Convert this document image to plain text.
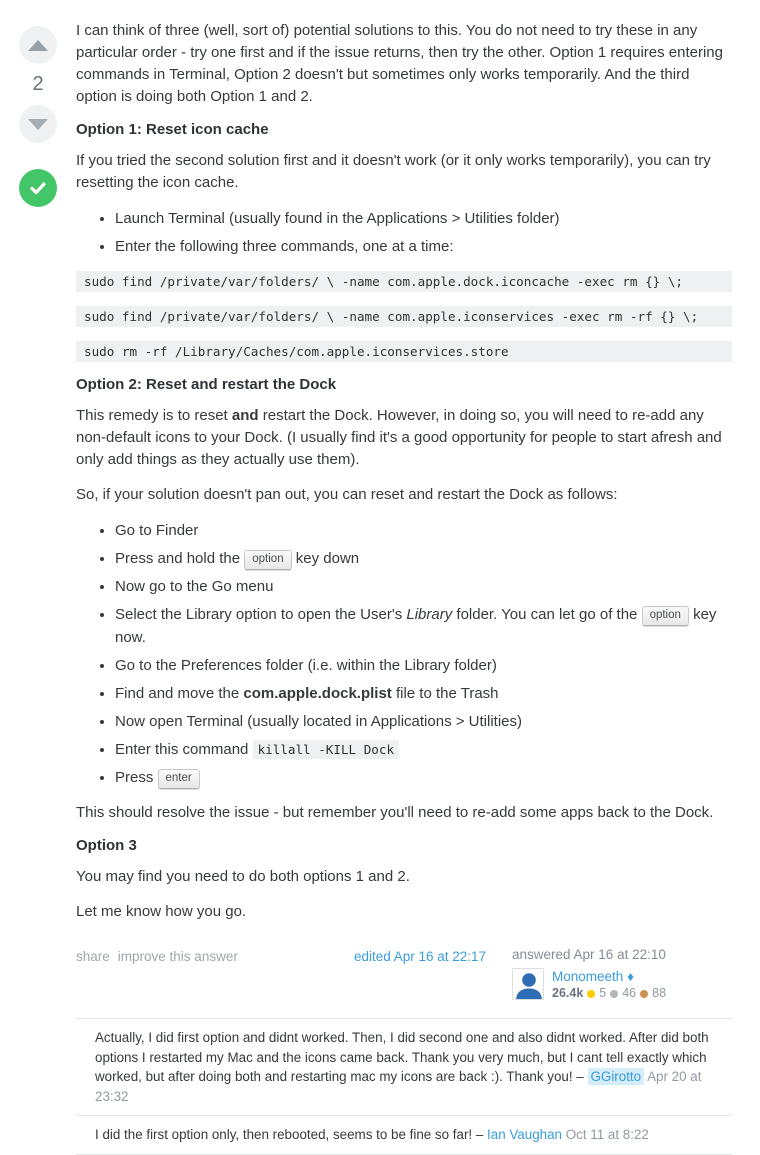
2

I can think of three (well, sort of) potential solutions to this. You do not need to try these in any particular order - try one first and if the issue returns, then try the other. Option 1 requires entering commands in Terminal, Option 2 doesn't but sometimes only works temporarily. And the third option is doing both Option 1 and 2.

Option 1: Reset icon cache

If you tried the second solution first and it doesn't work (or it only works temporarily), you can try resetting the icon cache.

• Launch Terminal (usually found in the Applications > Utilities folder)
• Enter the following three commands, one at a time:
sudo find /private/var/folders/ \ -name com.apple.dock.iconcache -exec rm {} \;
sudo find /private/var/folders/ \ -name com.apple.iconservices -exec rm -rf {} \;
sudo rm -rf /Library/Caches/com.apple.iconservices.store
Option 2: Reset and restart the Dock

This remedy is to reset and restart the Dock. However, in doing so, you will need to re-add any non-default icons to your Dock. (I usually find it's a good opportunity for people to start afresh and only add things as they actually use them).

So, if your solution doesn't pan out, you can reset and restart the Dock as follows:

• Go to Finder
• Press and hold the option key down
• Now go to the Go menu
• Select the Library option to open the User's Library folder. You can let go of the option key now.
• Go to the Preferences folder (i.e. within the Library folder)
• Find and move the com.apple.dock.plist file to the Trash
• Now open Terminal (usually located in Applications > Utilities)
• Enter this command killall -KILL Dock
• Press enter

This should resolve the issue - but remember you'll need to re-add some apps back to the Dock.

Option 3

You may find you need to do both options 1 and 2.

Let me know how you go.

share improve this answer	edited Apr 16 at 22:17	answered Apr 16 at 22:10
Monomeeth ♦
26.4k 5 46 88
Actually, I did first option and didnt worked. Then, I did second one and also didnt worked. After did both options I restarted my Mac and the icons came back. Thank you very much, but I cant tell exactly which worked, but after doing both and restarting mac my icons are back :). Thank you! – GGirotto Apr 20 at 23:32
I did the first option only, then rebooted, seems to be fine so far! – Ian Vaughan Oct 11 at 8:22
